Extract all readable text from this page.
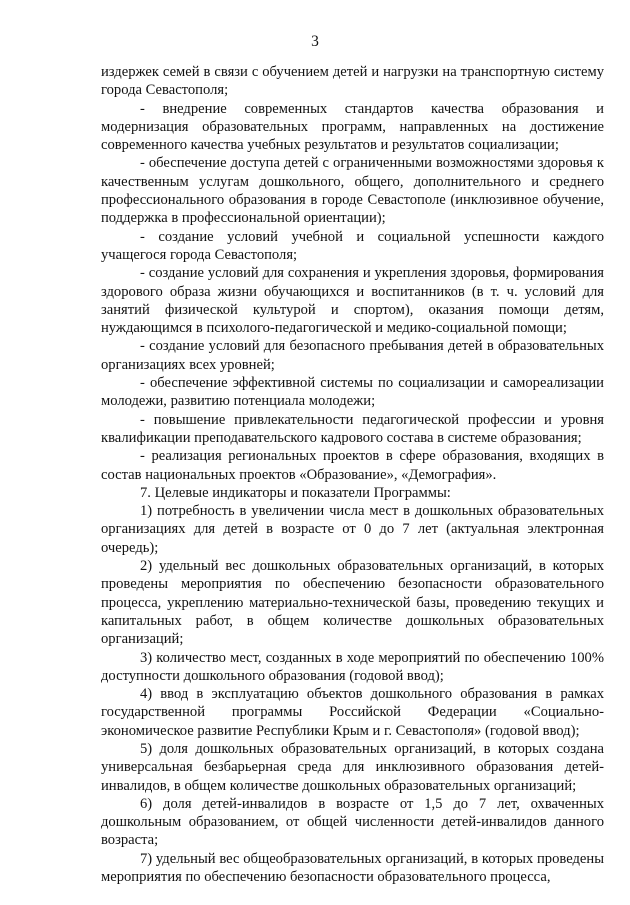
3

издержек семей в связи с обучением детей и нагрузки на транспортную систему города Севастополя;

- внедрение современных стандартов качества образования и модернизация образовательных программ, направленных на достижение современного качества учебных результатов и результатов социализации;

- обеспечение доступа детей с ограниченными возможностями здоровья к качественным услугам дошкольного, общего, дополнительного и среднего профессионального образования в городе Севастополе (инклюзивное обучение, поддержка в профессиональной ориентации);

- создание условий учебной и социальной успешности каждого учащегося города Севастополя;

- создание условий для сохранения и укрепления здоровья, формирования здорового образа жизни обучающихся и воспитанников (в т. ч. условий для занятий физической культурой и спортом), оказания помощи детям, нуждающимся в психолого-педагогической и медико-социальной помощи;

- создание условий для безопасного пребывания детей в образовательных организациях всех уровней;

- обеспечение эффективной системы по социализации и самореализации молодежи, развитию потенциала молодежи;

- повышение привлекательности педагогической профессии и уровня квалификации преподавательского кадрового состава в системе образования;

- реализация региональных проектов в сфере образования, входящих в состав национальных проектов «Образование», «Демография».

7. Целевые индикаторы и показатели Программы:

1) потребность в увеличении числа мест в дошкольных образовательных организациях для детей в возрасте от 0 до 7 лет (актуальная электронная очередь);

2) удельный вес дошкольных образовательных организаций, в которых проведены мероприятия по обеспечению безопасности образовательного процесса, укреплению материально-технической базы, проведению текущих и капитальных работ, в общем количестве дошкольных образовательных организаций;

3) количество мест, созданных в ходе мероприятий по обеспечению 100% доступности дошкольного образования (годовой ввод);

4) ввод в эксплуатацию объектов дошкольного образования в рамках государственной программы Российской Федерации «Социально-экономическое развитие Республики Крым и г. Севастополя» (годовой ввод);

5) доля дошкольных образовательных организаций, в которых создана универсальная безбарьерная среда для инклюзивного образования детей-инвалидов, в общем количестве дошкольных образовательных организаций;

6) доля детей-инвалидов в возрасте от 1,5 до 7 лет, охваченных дошкольным образованием, от общей численности детей-инвалидов данного возраста;

7) удельный вес общеобразовательных организаций, в которых проведены мероприятия по обеспечению безопасности образовательного процесса,
